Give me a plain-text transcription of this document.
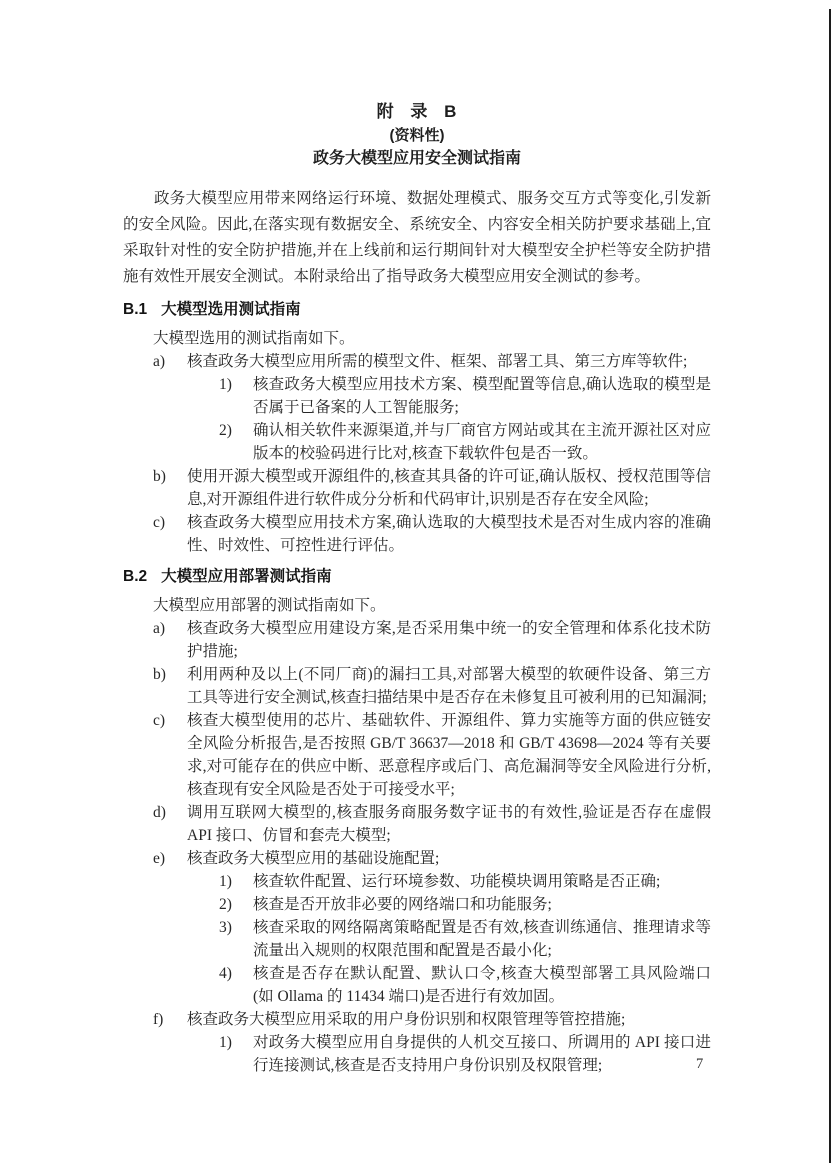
附 录 B
(资料性)
政务大模型应用安全测试指南

政务大模型应用带来网络运行环境、数据处理模式、服务交互方式等变化,引发新的安全风险。因此,在落实现有数据安全、系统安全、内容安全相关防护要求基础上,宜采取针对性的安全防护措施,并在上线前和运行期间针对大模型安全护栏等安全防护措施有效性开展安全测试。本附录给出了指导政务大模型应用安全测试的参考。

B.1 大模型选用测试指南

大模型选用的测试指南如下。

a)	核查政务大模型应用所需的模型文件、框架、部署工具、第三方库等软件;
1)	核查政务大模型应用技术方案、模型配置等信息,确认选取的模型是否属于已备案的人工智能服务;
2)	确认相关软件来源渠道,并与厂商官方网站或其在主流开源社区对应版本的校验码进行比对,核查下载软件包是否一致。
b)	使用开源大模型或开源组件的,核查其具备的许可证,确认版权、授权范围等信息,对开源组件进行软件成分分析和代码审计,识别是否存在安全风险;
c)	核查政务大模型应用技术方案,确认选取的大模型技术是否对生成内容的准确性、时效性、可控性进行评估。
B.2 大模型应用部署测试指南

大模型应用部署的测试指南如下。

a)	核查政务大模型应用建设方案,是否采用集中统一的安全管理和体系化技术防护措施;
b)	利用两种及以上(不同厂商)的漏扫工具,对部署大模型的软硬件设备、第三方工具等进行安全测试,核查扫描结果中是否存在未修复且可被利用的已知漏洞;
c)	核查大模型使用的芯片、基础软件、开源组件、算力实施等方面的供应链安全风险分析报告,是否按照 GB/T 36637—2018 和 GB/T 43698—2024 等有关要求,对可能存在的供应中断、恶意程序或后门、高危漏洞等安全风险进行分析,核查现有安全风险是否处于可接受水平;
d)	调用互联网大模型的,核查服务商服务数字证书的有效性,验证是否存在虚假 API 接口、仿冒和套壳大模型;
e)	核查政务大模型应用的基础设施配置;
1)	核查软件配置、运行环境参数、功能模块调用策略是否正确;
2)	核查是否开放非必要的网络端口和功能服务;
3)	核查采取的网络隔离策略配置是否有效,核查训练通信、推理请求等流量出入规则的权限范围和配置是否最小化;
4)	核查是否存在默认配置、默认口令,核查大模型部署工具风险端口(如 Ollama 的 11434 端口)是否进行有效加固。
f)	核查政务大模型应用采取的用户身份识别和权限管理等管控措施;
1)	对政务大模型应用自身提供的人机交互接口、所调用的 API 接口进行连接测试,核查是否支持用户身份识别及权限管理;	7
